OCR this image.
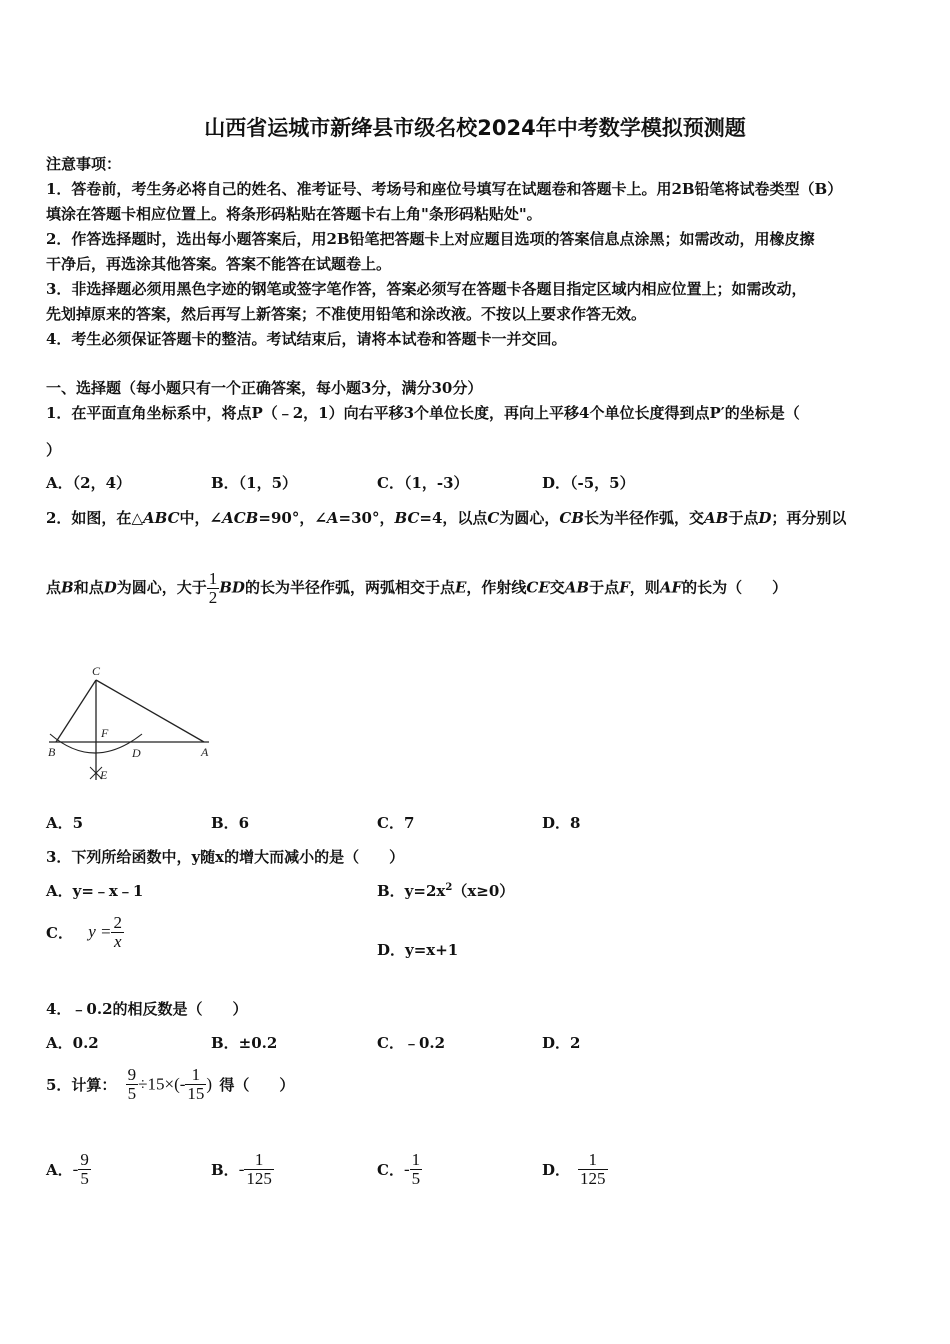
山西省运城市新绛县市级名校2024年中考数学模拟预测题
注意事项：
1．答卷前，考生务必将自己的姓名、准考证号、考场号和座位号填写在试题卷和答题卡上。用2B铅笔将试卷类型（B）
填涂在答题卡相应位置上。将条形码粘贴在答题卡右上角"条形码粘贴处"。
2．作答选择题时，选出每小题答案后，用2B铅笔把答题卡上对应题目选项的答案信息点涂黑；如需改动，用橡皮擦
干净后，再选涂其他答案。答案不能答在试题卷上。
3．非选择题必须用黑色字迹的钢笔或签字笔作答，答案必须写在答题卡各题目指定区域内相应位置上；如需改动，
先划掉原来的答案，然后再写上新答案；不准使用铅笔和涂改液。不按以上要求作答无效。
4．考生必须保证答题卡的整洁。考试结束后，请将本试卷和答题卡一并交回。
一、选择题（每小题只有一个正确答案，每小题3分，满分30分）
1．在平面直角坐标系中，将点P（﹣2，1）向右平移3个单位长度，再向上平移4个单位长度得到点P′的坐标是（
）
A．（2，4）	B．（1，5）	C．（1，-3）	D．（-5，5）
2．如图，在△ABC中，∠ACB=90°，∠A=30°，BC=4，以点C为圆心，CB长为半径作弧，交AB于点D；再分别以
点B和点D为圆心，大于 $\frac{1}{2}$ BD的长为半径作弧，两弧相交于点E，作射线CE交AB于点F，则AF的长为（　　）
C
F
B	D	A
E
A．5	B．6	C．7	D．8
3．下列所给函数中，y随x的增大而减小的是（　　）
A．y=﹣x﹣1	B．$y=2x^2(x\ge 0)$
C． $y = \frac{2}{x}$	D．y=x+1
4．﹣0.2的相反数是（　　）
A．0.2	B．±0.2	C．﹣0.2	D．2
5．计算： $\frac{9}{5} \div 15\times(- \frac{1}{15}$ ) 得（　　）
A．- $\frac{9}{5}$	B．- $\frac{1}{125}$	C．- $\frac{1}{5}$	D． $\frac{1}{125}$
